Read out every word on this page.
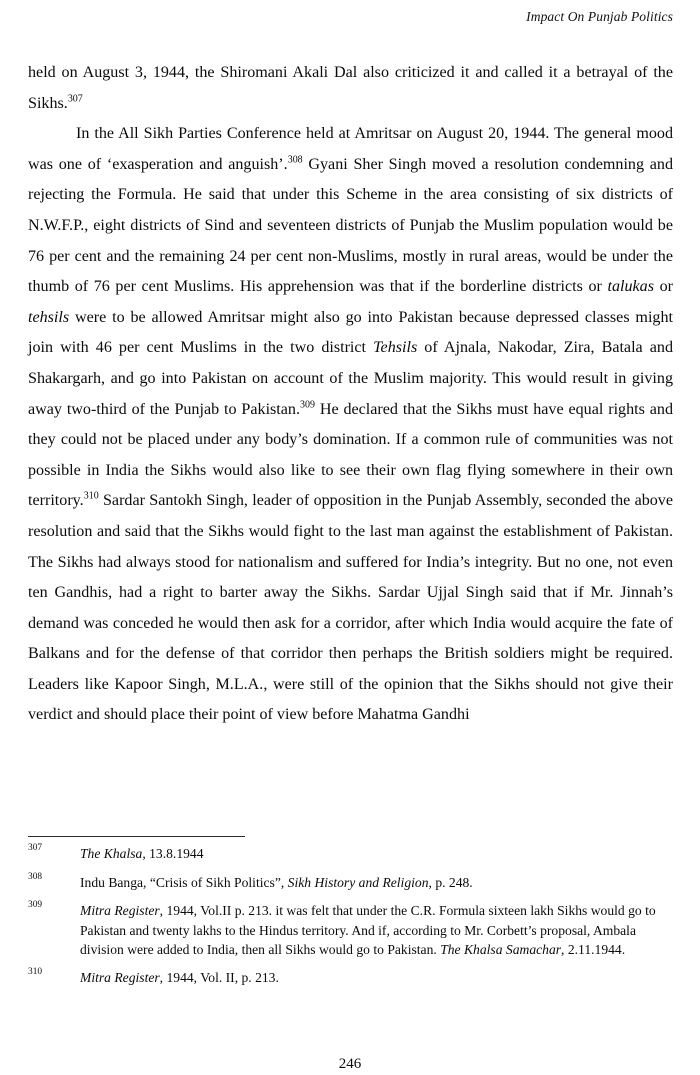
Impact On Punjab Politics

held on August 3, 1944, the Shiromani Akali Dal also criticized it and called it a betrayal of the Sikhs.$^{307}$

In the All Sikh Parties Conference held at Amritsar on August 20, 1944. The general mood was one of ‘exasperation and anguish’.$^{308}$ Gyani Sher Singh moved a resolution condemning and rejecting the Formula. He said that under this Scheme in the area consisting of six districts of N.W.F.P., eight districts of Sind and seventeen districts of Punjab the Muslim population would be 76 per cent and the remaining 24 per cent non-Muslims, mostly in rural areas, would be under the thumb of 76 per cent Muslims. His apprehension was that if the borderline districts or talukas or tehsils were to be allowed Amritsar might also go into Pakistan because depressed classes might join with 46 per cent Muslims in the two district Tehsils of Ajnala, Nakodar, Zira, Batala and Shakargarh, and go into Pakistan on account of the Muslim majority. This would result in giving away two-third of the Punjab to Pakistan.$^{309}$ He declared that the Sikhs must have equal rights and they could not be placed under any body’s domination. If a common rule of communities was not possible in India the Sikhs would also like to see their own flag flying somewhere in their own territory.$^{310}$ Sardar Santokh Singh, leader of opposition in the Punjab Assembly, seconded the above resolution and said that the Sikhs would fight to the last man against the establishment of Pakistan. The Sikhs had always stood for nationalism and suffered for India’s integrity. But no one, not even ten Gandhis, had a right to barter away the Sikhs. Sardar Ujjal Singh said that if Mr. Jinnah’s demand was conceded he would then ask for a corridor, after which India would acquire the fate of Balkans and for the defense of that corridor then perhaps the British soldiers might be required. Leaders like Kapoor Singh, M.L.A., were still of the opinion that the Sikhs should not give their verdict and should place their point of view before Mahatma Gandhi

307	The Khalsa, 13.8.1944
308	Indu Banga, “Crisis of Sikh Politics”, Sikh History and Religion, p. 248.
309	Mitra Register, 1944, Vol.II p. 213. it was felt that under the C.R. Formula sixteen lakh Sikhs would go to Pakistan and twenty lakhs to the Hindus territory. And if, according to Mr. Corbett’s proposal, Ambala division were added to India, then all Sikhs would go to Pakistan. The Khalsa Samachar, 2.11.1944.
310	Mitra Register, 1944, Vol. II, p. 213.
246
